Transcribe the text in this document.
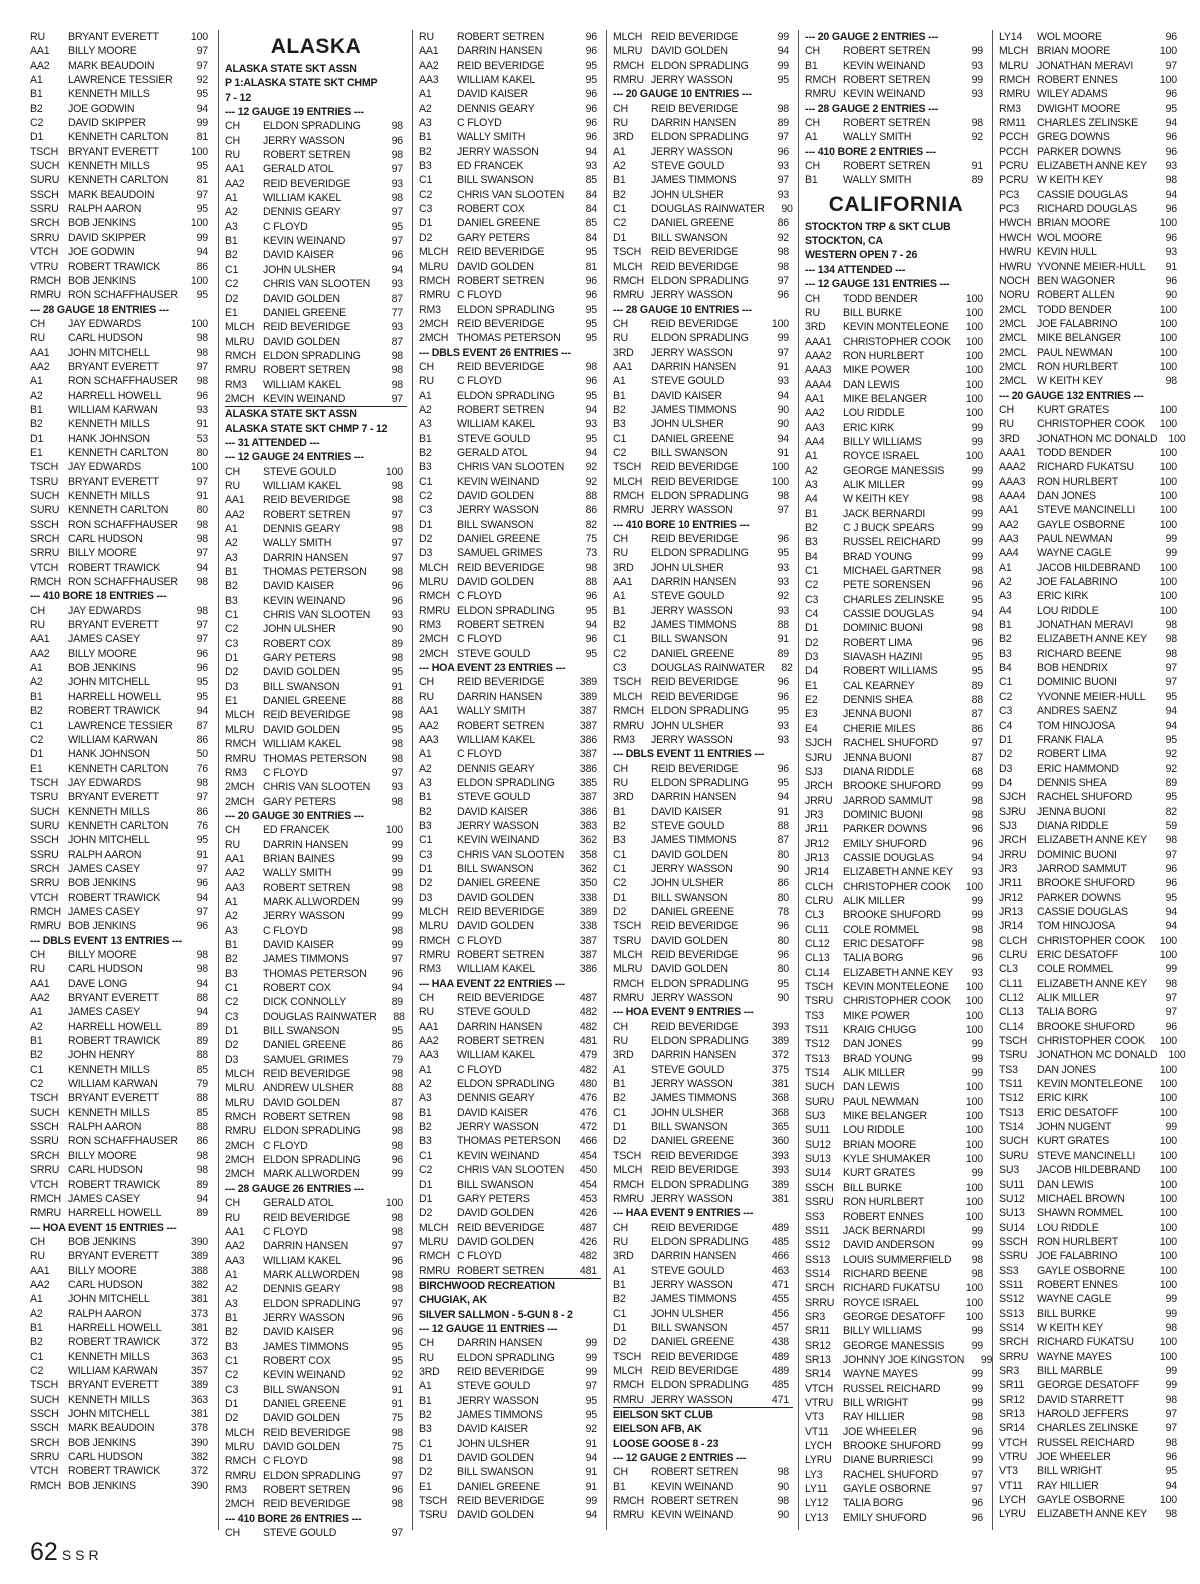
RU	BRYANT EVERETT	100
AA1	BILLY MOORE	97
AA2	MARK BEAUDOIN	97
A1	LAWRENCE TESSIER	92
B1	KENNETH MILLS	95
B2	JOE GODWIN	94
C2	DAVID SKIPPER	99
D1	KENNETH CARLTON	81
TSCH BRYANT EVERETT	100
SUCH KENNETH MILLS	95
SURU KENNETH CARLTON	81
SSCH MARK BEAUDOIN	97
SSRU RALPH AARON	95
SRCH BOB JENKINS	100
SRRU DAVID SKIPPER	99
VTCH JOE GODWIN	94
VTRU ROBERT TRAWICK	86
RMCH BOB JENKINS	100
RMRU RON SCHAFFHAUSER	95
--- 28 GAUGE 18 ENTRIES ---
CH	JAY EDWARDS	100
RU	CARL HUDSON	98
AA1	JOHN MITCHELL	98
AA2	BRYANT EVERETT	97
A1	RON SCHAFFHAUSER	98
A2	HARRELL HOWELL	96
B1	WILLIAM KARWAN	93
B2	KENNETH MILLS	91
D1	HANK JOHNSON	53
E1	KENNETH CARLTON	80
TSCH JAY EDWARDS	100
TSRU BRYANT EVERETT	97
SUCH KENNETH MILLS	91
SURU KENNETH CARLTON	80
SSCH RON SCHAFFHAUSER	98
SRCH CARL HUDSON	98
SRRU BILLY MOORE	97
VTCH ROBERT TRAWICK	94
RMCH RON SCHAFFHAUSER	98
--- 410 BORE 18 ENTRIES ---
CH	JAY EDWARDS	98
RU	BRYANT EVERETT	97
AA1	JAMES CASEY	97
AA2	BILLY MOORE	96
A1	BOB JENKINS	96
A2	JOHN MITCHELL	95
B1	HARRELL HOWELL	95
B2	ROBERT TRAWICK	94
C1	LAWRENCE TESSIER	87
C2	WILLIAM KARWAN	86
D1	HANK JOHNSON	50
E1	KENNETH CARLTON	76
TSCH JAY EDWARDS	98
TSRU BRYANT EVERETT	97
SUCH KENNETH MILLS	86
SURU KENNETH CARLTON	76
SSCH JOHN MITCHELL	95
SSRU RALPH AARON	91
SRCH JAMES CASEY	97
SRRU BOB JENKINS	96
VTCH ROBERT TRAWICK	94
RMCH JAMES CASEY	97
RMRU BOB JENKINS	96
--- DBLS EVENT 13 ENTRIES ---
CH	BILLY MOORE	98
RU	CARL HUDSON	98
AA1	DAVE LONG	94
AA2	BRYANT EVERETT	88
A1	JAMES CASEY	94
A2	HARRELL HOWELL	89
B1	ROBERT TRAWICK	89
B2	JOHN HENRY	88
C1	KENNETH MILLS	85
C2	WILLIAM KARWAN	79
TSCH BRYANT EVERETT	88
SUCH KENNETH MILLS	85
SSCH RALPH AARON	88
SSRU RON SCHAFFHAUSER	86
SRCH BILLY MOORE	98
SRRU CARL HUDSON	98
VTCH ROBERT TRAWICK	89
RMCH JAMES CASEY	94
RMRU HARRELL HOWELL	89
--- HOA EVENT 15 ENTRIES ---
CH	BOB JENKINS	390
RU	BRYANT EVERETT	389
AA1	BILLY MOORE	388
AA2	CARL HUDSON	382
A1	JOHN MITCHELL	381
A2	RALPH AARON	373
B1	HARRELL HOWELL	381
B2	ROBERT TRAWICK	372
C1	KENNETH MILLS	363
C2	WILLIAM KARWAN	357
TSCH BRYANT EVERETT	389
SUCH KENNETH MILLS	363
SSCH JOHN MITCHELL	381
SSCH MARK BEAUDOIN	378
SRCH BOB JENKINS	390
SRRU CARL HUDSON	382
VTCH ROBERT TRAWICK	372
RMCH BOB JENKINS	390
ALASKA
ALASKA STATE SKT ASSN
P 1:ALASKA STATE SKT CHMP
7 - 12
--- 12 GAUGE 19 ENTRIES ---
CH	ELDON SPRADLING	98
CH	JERRY WASSON	96
RU	ROBERT SETREN	98
AA1	GERALD ATOL	97
AA2	REID BEVERIDGE	93
A1	WILLIAM KAKEL	98
A2	DENNIS GEARY	97
A3	C FLOYD	95
B1	KEVIN WEINAND	97
B2	DAVID KAISER	96
C1	JOHN ULSHER	94
C2	CHRIS VAN SLOOTEN	93
D2	DAVID GOLDEN	87
E1	DANIEL GREENE	77
MLCH REID BEVERIDGE	93
MLRU DAVID GOLDEN	87
RMCH ELDON SPRADLING	98
RMRU ROBERT SETREN	98
RM3	WILLIAM KAKEL	98
2MCH KEVIN WEINAND	97
ALASKA STATE SKT ASSN
ALASKA STATE SKT CHMP 7 - 12
--- 31 ATTENDED ---
--- 12 GAUGE 24 ENTRIES ---
CH	STEVE GOULD	100
RU	WILLIAM KAKEL	98
AA1	REID BEVERIDGE	98
AA2	ROBERT SETREN	97
A1	DENNIS GEARY	98
A2	WALLY SMITH	97
A3	DARRIN HANSEN	97
B1	THOMAS PETERSON	98
B2	DAVID KAISER	96
B3	KEVIN WEINAND	96
C1	CHRIS VAN SLOOTEN	93
C2	JOHN ULSHER	90
C3	ROBERT COX	89
D1	GARY PETERS	98
D2	DAVID GOLDEN	95
D3	BILL SWANSON	91
E1	DANIEL GREENE	88
MLCH REID BEVERIDGE	98
MLRU DAVID GOLDEN	95
RMCH WILLIAM KAKEL	98
RMRU THOMAS PETERSON	98
RM3	C FLOYD	97
2MCH CHRIS VAN SLOOTEN	93
2MCH GARY PETERS	98
--- 20 GAUGE 30 ENTRIES ---
CH	ED FRANCEK	100
RU	DARRIN HANSEN	99
AA1	BRIAN BAINES	99
AA2	WALLY SMITH	99
AA3	ROBERT SETREN	98
A1	MARK ALLWORDEN	99
A2	JERRY WASSON	99
A3	C FLOYD	98
B1	DAVID KAISER	99
B2	JAMES TIMMONS	97
B3	THOMAS PETERSON	96
C1	ROBERT COX	94
C2	DICK CONNOLLY	89
C3	DOUGLAS RAINWATER	88
D1	BILL SWANSON	95
D2	DANIEL GREENE	86
D3	SAMUEL GRIMES	79
MLCH REID BEVERIDGE	98
MLRU ANDREW ULSHER	88
MLRU DAVID GOLDEN	87
RMCH ROBERT SETREN	98
RMRU ELDON SPRADLING	98
2MCH C FLOYD	98
2MCH ELDON SPRADLING	96
2MCH MARK ALLWORDEN	99
--- 28 GAUGE 26 ENTRIES ---
CH	GERALD ATOL	100
RU	REID BEVERIDGE	98
AA1	C FLOYD	98
AA2	DARRIN HANSEN	97
AA3	WILLIAM KAKEL	96
A1	MARK ALLWORDEN	98
A2	DENNIS GEARY	98
A3	ELDON SPRADLING	97
B1	JERRY WASSON	96
B2	DAVID KAISER	96
B3	JAMES TIMMONS	95
C1	ROBERT COX	95
C2	KEVIN WEINAND	92
C3	BILL SWANSON	91
D1	DANIEL GREENE	91
D2	DAVID GOLDEN	75
MLCH REID BEVERIDGE	98
MLRU DAVID GOLDEN	75
RMCH C FLOYD	98
RMRU ELDON SPRADLING	97
RM3	ROBERT SETREN	96
2MCH REID BEVERIDGE	98
--- 410 BORE 26 ENTRIES ---
CH	STEVE GOULD	97
RU	ROBERT SETREN	96
AA1	DARRIN HANSEN	96
AA2	REID BEVERIDGE	95
AA3	WILLIAM KAKEL	95
A1	DAVID KAISER	96
A2	DENNIS GEARY	96
A3	C FLOYD	96
B1	WALLY SMITH	96
B2	JERRY WASSON	94
B3	ED FRANCEK	93
C1	BILL SWANSON	85
C2	CHRIS VAN SLOOTEN	84
C3	ROBERT COX	84
D1	DANIEL GREENE	85
D2	GARY PETERS	84
MLCH REID BEVERIDGE	95
MLRU DAVID GOLDEN	81
RMCH ROBERT SETREN	96
RMRU C FLOYD	96
RM3	ELDON SPRADLING	95
2MCH REID BEVERIDGE	95
2MCH THOMAS PETERSON	95
--- DBLS EVENT 26 ENTRIES ---
CH	REID BEVERIDGE	98
RU	C FLOYD	96
A1	ELDON SPRADLING	95
A2	ROBERT SETREN	94
A3	WILLIAM KAKEL	93
B1	STEVE GOULD	95
B2	GERALD ATOL	94
B3	CHRIS VAN SLOOTEN	92
C1	KEVIN WEINAND	92
C2	DAVID GOLDEN	88
C3	JERRY WASSON	86
D1	BILL SWANSON	82
D2	DANIEL GREENE	75
D3	SAMUEL GRIMES	73
MLCH REID BEVERIDGE	98
MLRU DAVID GOLDEN	88
RMCH C FLOYD	96
RMRU ELDON SPRADLING	95
RM3	ROBERT SETREN	94
2MCH C FLOYD	96
2MCH STEVE GOULD	95
--- HOA EVENT 23 ENTRIES ---
CH	REID BEVERIDGE	389
RU	DARRIN HANSEN	389
AA1	WALLY SMITH	387
AA2	ROBERT SETREN	387
AA3	WILLIAM KAKEL	386
A1	C FLOYD	387
A2	DENNIS GEARY	386
A3	ELDON SPRADLING	385
B1	STEVE GOULD	387
B2	DAVID KAISER	386
B3	JERRY WASSON	383
C1	KEVIN WEINAND	362
C3	CHRIS VAN SLOOTEN	358
D1	BILL SWANSON	362
D2	DANIEL GREENE	350
D3	DAVID GOLDEN	338
MLCH REID BEVERIDGE	389
MLRU DAVID GOLDEN	338
RMCH C FLOYD	387
RMRU ROBERT SETREN	387
RM3	WILLIAM KAKEL	386
--- HAA EVENT 22 ENTRIES ---
CH	REID BEVERIDGE	487
RU	STEVE GOULD	482
AA1	DARRIN HANSEN	482
AA2	ROBERT SETREN	481
AA3	WILLIAM KAKEL	479
A1	C FLOYD	482
A2	ELDON SPRADLING	480
A3	DENNIS GEARY	476
B1	DAVID KAISER	476
B2	JERRY WASSON	472
B3	THOMAS PETERSON	466
C1	KEVIN WEINAND	454
C2	CHRIS VAN SLOOTEN	450
D1	BILL SWANSON	454
D1	GARY PETERS	453
D2	DAVID GOLDEN	426
MLCH REID BEVERIDGE	487
MLRU DAVID GOLDEN	426
RMCH C FLOYD	482
RMRU ROBERT SETREN	481
BIRCHWOOD RECREATION
CHUGIAK, AK
SILVER SALLMON - 5-GUN 8 - 2
--- 12 GAUGE 11 ENTRIES ---
CH	DARRIN HANSEN	99
RU	ELDON SPRADLING	99
3RD	REID BEVERIDGE	99
A1	STEVE GOULD	97
B1	JERRY WASSON	95
B2	JAMES TIMMONS	95
B3	DAVID KAISER	92
C1	JOHN ULSHER	91
D1	DAVID GOLDEN	94
D2	BILL SWANSON	91
E1	DANIEL GREENE	91
TSCH REID BEVERIDGE	99
TSRU DAVID GOLDEN	94
MLCH REID BEVERIDGE	99
MLRU DAVID GOLDEN	94
RMCH ELDON SPRADLING	99
RMRU JERRY WASSON	95
--- 20 GAUGE 10 ENTRIES ---
CH	REID BEVERIDGE	98
RU	DARRIN HANSEN	89
3RD	ELDON SPRADLING	97
A1	JERRY WASSON	96
A2	STEVE GOULD	93
B1	JAMES TIMMONS	97
B2	JOHN ULSHER	93
C1	DOUGLAS RAINWATER	90
C2	DANIEL GREENE	86
D1	BILL SWANSON	92
TSCH REID BEVERIDGE	98
MLCH REID BEVERIDGE	98
RMCH ELDON SPRADLING	97
RMRU JERRY WASSON	96
--- 28 GAUGE 10 ENTRIES ---
CH	REID BEVERIDGE	100
RU	ELDON SPRADLING	99
3RD	JERRY WASSON	97
AA1	DARRIN HANSEN	91
A1	STEVE GOULD	93
B1	DAVID KAISER	94
B2	JAMES TIMMONS	90
B3	JOHN ULSHER	90
C1	DANIEL GREENE	94
C2	BILL SWANSON	91
TSCH REID BEVERIDGE	100
MLCH REID BEVERIDGE	100
RMCH ELDON SPRADLING	98
RMRU JERRY WASSON	97
--- 410 BORE 10 ENTRIES ---
CH	REID BEVERIDGE	96
RU	ELDON SPRADLING	95
3RD	JOHN ULSHER	93
AA1	DARRIN HANSEN	93
A1	STEVE GOULD	92
B1	JERRY WASSON	93
B2	JAMES TIMMONS	88
C1	BILL SWANSON	91
C2	DANIEL GREENE	89
C3	DOUGLAS RAINWATER	82
TSCH REID BEVERIDGE	96
MLCH REID BEVERIDGE	96
RMCH ELDON SPRADLING	95
RMRU JOHN ULSHER	93
RM3	JERRY WASSON	93
--- DBLS EVENT 11 ENTRIES ---
CH	REID BEVERIDGE	96
RU	ELDON SPRADLING	95
3RD	DARRIN HANSEN	94
B1	DAVID KAISER	91
B2	STEVE GOULD	88
B3	JAMES TIMMONS	87
C1	DAVID GOLDEN	80
C1	JERRY WASSON	90
C2	JOHN ULSHER	86
D1	BILL SWANSON	80
D2	DANIEL GREENE	78
TSCH REID BEVERIDGE	96
TSRU DAVID GOLDEN	80
MLCH REID BEVERIDGE	96
MLRU DAVID GOLDEN	80
RMCH ELDON SPRADLING	95
RMRU JERRY WASSON	90
--- HOA EVENT 9 ENTRIES ---
CH	REID BEVERIDGE	393
RU	ELDON SPRADLING	389
3RD	DARRIN HANSEN	372
A1	STEVE GOULD	375
B1	JERRY WASSON	381
B2	JAMES TIMMONS	368
C1	JOHN ULSHER	368
D1	BILL SWANSON	365
D2	DANIEL GREENE	360
TSCH REID BEVERIDGE	393
MLCH REID BEVERIDGE	393
RMCH ELDON SPRADLING	389
RMRU JERRY WASSON	381
--- HAA EVENT 9 ENTRIES ---
CH	REID BEVERIDGE	489
RU	ELDON SPRADLING	485
3RD	DARRIN HANSEN	466
A1	STEVE GOULD	463
B1	JERRY WASSON	471
B2	JAMES TIMMONS	455
C1	JOHN ULSHER	456
D1	BILL SWANSON	457
D2	DANIEL GREENE	438
TSCH REID BEVERIDGE	489
MLCH REID BEVERIDGE	489
RMCH ELDON SPRADLING	485
RMRU JERRY WASSON	471
EIELSON SKT CLUB
EIELSON AFB, AK
LOOSE GOOSE 8 - 23
--- 12 GAUGE 2 ENTRIES ---
CH	ROBERT SETREN	98
B1	KEVIN WEINAND	90
RMCH ROBERT SETREN	98
RMRU KEVIN WEINAND	90
--- 20 GAUGE 2 ENTRIES ---
CH	ROBERT SETREN	99
B1	KEVIN WEINAND	93
RMCH ROBERT SETREN	99
RMRU KEVIN WEINAND	93
--- 28 GAUGE 2 ENTRIES ---
CH	ROBERT SETREN	98
A1	WALLY SMITH	92
--- 410 BORE 2 ENTRIES ---
CH	ROBERT SETREN	91
B1	WALLY SMITH	89
CALIFORNIA
STOCKTON TRP & SKT CLUB
STOCKTON, CA
WESTERN OPEN 7 - 26
--- 134 ATTENDED ---
--- 12 GAUGE 131 ENTRIES ---
CH	TODD BENDER	100
RU	BILL BURKE	100
3RD	KEVIN MONTELEONE	100
AAA1	CHRISTOPHER COOK	100
AAA2	RON HURLBERT	100
AAA3	MIKE POWER	100
AAA4	DAN LEWIS	100
AA1	MIKE BELANGER	100
AA2	LOU RIDDLE	100
AA3	ERIC KIRK	99
AA4	BILLY WILLIAMS	99
A1	ROYCE ISRAEL	100
A2	GEORGE MANESSIS	99
A3	ALIK MILLER	99
A4	W KEITH KEY	98
B1	JACK BERNARDI	99
B2	C J BUCK SPEARS	99
B3	RUSSEL REICHARD	99
B4	BRAD YOUNG	99
C1	MICHAEL GARTNER	98
C2	PETE SORENSEN	96
C3	CHARLES ZELINSKE	95
C4	CASSIE DOUGLAS	94
D1	DOMINIC BUONI	98
D2	ROBERT LIMA	96
D3	SIAVASH HAZINI	95
D4	ROBERT WILLIAMS	95
E1	CAL KEARNEY	89
E2	DENNIS SHEA	88
E3	JENNA BUONI	87
E4	CHERIE MILES	86
SJCH	RACHEL SHUFORD	97
SJRU	JENNA BUONI	87
SJ3	DIANA RIDDLE	68
JRCH BROOKE SHUFORD	99
JRRU JARROD SAMMUT	98
JR3	DOMINIC BUONI	98
JR11	PARKER DOWNS	96
JR12	EMILY SHUFORD	96
JR13	CASSIE DOUGLAS	94
JR14	ELIZABETH ANNE KEY	93
CLCH CHRISTOPHER COOK	100
CLRU ALIK MILLER	99
CL3	BROOKE SHUFORD	99
CL11	COLE ROMMEL	98
CL12	ERIC DESATOFF	98
CL13	TALIA BORG	96
CL14	ELIZABETH ANNE KEY	93
TSCH KEVIN MONTELEONE	100
TSRU CHRISTOPHER COOK	100
TS3	MIKE POWER	100
TS11	KRAIG CHUGG	100
TS12	DAN JONES	99
TS13	BRAD YOUNG	99
TS14	ALIK MILLER	99
SUCH DAN LEWIS	100
SURU PAUL NEWMAN	100
SU3	MIKE BELANGER	100
SU11	LOU RIDDLE	100
SU12	BRIAN MOORE	100
SU13	KYLE SHUMAKER	100
SU14	KURT GRATES	99
SSCH BILL BURKE	100
SSRU RON HURLBERT	100
SS3	ROBERT ENNES	100
SS11	JACK BERNARDI	99
SS12	DAVID ANDERSON	99
SS13	LOUIS SUMMERFIELD	98
SS14	RICHARD BEENE	98
SRCH RICHARD FUKATSU	100
SRRU ROYCE ISRAEL	100
SR3	GEORGE DESATOFF	100
SR11	BILLY WILLIAMS	99
SR12	GEORGE MANESSIS	99
SR13	JOHNNY JOE KINGSTON	99
SR14	WAYNE MAYES	99
VTCH RUSSEL REICHARD	99
VTRU BILL WRIGHT	99
VT3	RAY HILLIER	98
VT11	JOE WHEELER	96
LYCH	BROOKE SHUFORD	99
LYRU	DIANE BURRIESCI	99
LY3	RACHEL SHUFORD	97
LY11	GAYLE OSBORNE	97
LY12	TALIA BORG	96
LY13	EMILY SHUFORD	96
LY14	WOL MOORE	96
MLCH BRIAN MOORE	100
MLRU JONATHAN MERAVI	97
RMCH ROBERT ENNES	100
RMRU WILEY ADAMS	96
RM3	DWIGHT MOORE	95
RM11	CHARLES ZELINSKE	94
PCCH GREG DOWNS	96
PCCH PARKER DOWNS	96
PCRU ELIZABETH ANNE KEY	93
PCRU W KEITH KEY	98
PC3	CASSIE DOUGLAS	94
PC3	RICHARD DOUGLAS	96
HWCH BRIAN MOORE	100
HWCH WOL MOORE	96
HWRU KEVIN HULL	93
HWRU YVONNE MEIER-HULL	91
NOCH BEN WAGONER	96
NORU ROBERT ALLEN	90
2MCL TODD BENDER	100
2MCL JOE FALABRINO	100
2MCL MIKE BELANGER	100
2MCL PAUL NEWMAN	100
2MCL RON HURLBERT	100
2MCL W KEITH KEY	98
--- 20 GAUGE 132 ENTRIES ---
CH	KURT GRATES	100
RU	CHRISTOPHER COOK	100
3RD	JONATHON MC DONALD	100
AAA1	TODD BENDER	100
AAA2	RICHARD FUKATSU	100
AAA3	RON HURLBERT	100
AAA4	DAN JONES	100
AA1	STEVE MANCINELLI	100
AA2	GAYLE OSBORNE	100
AA3	PAUL NEWMAN	99
AA4	WAYNE CAGLE	99
A1	JACOB HILDEBRAND	100
A2	JOE FALABRINO	100
A3	ERIC KIRK	100
A4	LOU RIDDLE	100
B1	JONATHAN MERAVI	98
B2	ELIZABETH ANNE KEY	98
B3	RICHARD BEENE	98
B4	BOB HENDRIX	97
C1	DOMINIC BUONI	97
C2	YVONNE MEIER-HULL	95
C3	ANDRES SAENZ	94
C4	TOM HINOJOSA	94
D1	FRANK FIALA	95
D2	ROBERT LIMA	92
D3	ERIC HAMMOND	92
D4	DENNIS SHEA	89
SJCH	RACHEL SHUFORD	95
SJRU	JENNA BUONI	82
SJ3	DIANA RIDDLE	59
JRCH ELIZABETH ANNE KEY	98
JRRU DOMINIC BUONI	97
JR3	JARROD SAMMUT	96
JR11	BROOKE SHUFORD	96
JR12	PARKER DOWNS	95
JR13	CASSIE DOUGLAS	94
JR14	TOM HINOJOSA	94
CLCH CHRISTOPHER COOK	100
CLRU ERIC DESATOFF	100
CL3	COLE ROMMEL	99
CL11	ELIZABETH ANNE KEY	98
CL12	ALIK MILLER	97
CL13	TALIA BORG	97
CL14	BROOKE SHUFORD	96
TSCH CHRISTOPHER COOK	100
TSRU JONATHON MC DONALD	100
TS3	DAN JONES	100
TS11	KEVIN MONTELEONE	100
TS12	ERIC KIRK	100
TS13	ERIC DESATOFF	100
TS14	JOHN NUGENT	99
SUCH KURT GRATES	100
SURU STEVE MANCINELLI	100
SU3	JACOB HILDEBRAND	100
SU11	DAN LEWIS	100
SU12	MICHAEL BROWN	100
SU13	SHAWN ROMMEL	100
SU14	LOU RIDDLE	100
SSCH RON HURLBERT	100
SSRU JOE FALABRINO	100
SS3	GAYLE OSBORNE	100
SS11	ROBERT ENNES	100
SS12	WAYNE CAGLE	99
SS13	BILL BURKE	99
SS14	W KEITH KEY	98
SRCH RICHARD FUKATSU	100
SRRU WAYNE MAYES	100
SR3	BILL MARBLE	99
SR11	GEORGE DESATOFF	99
SR12	DAVID STARRETT	98
SR13	HAROLD JEFFERS	97
SR14	CHARLES ZELINSKE	97
VTCH RUSSEL REICHARD	98
VTRU JOE WHEELER	96
VT3	BILL WRIGHT	95
VT11	RAY HILLIER	94
LYCH	GAYLE OSBORNE	100
LYRU	ELIZABETH ANNE KEY	98
62 SSR
